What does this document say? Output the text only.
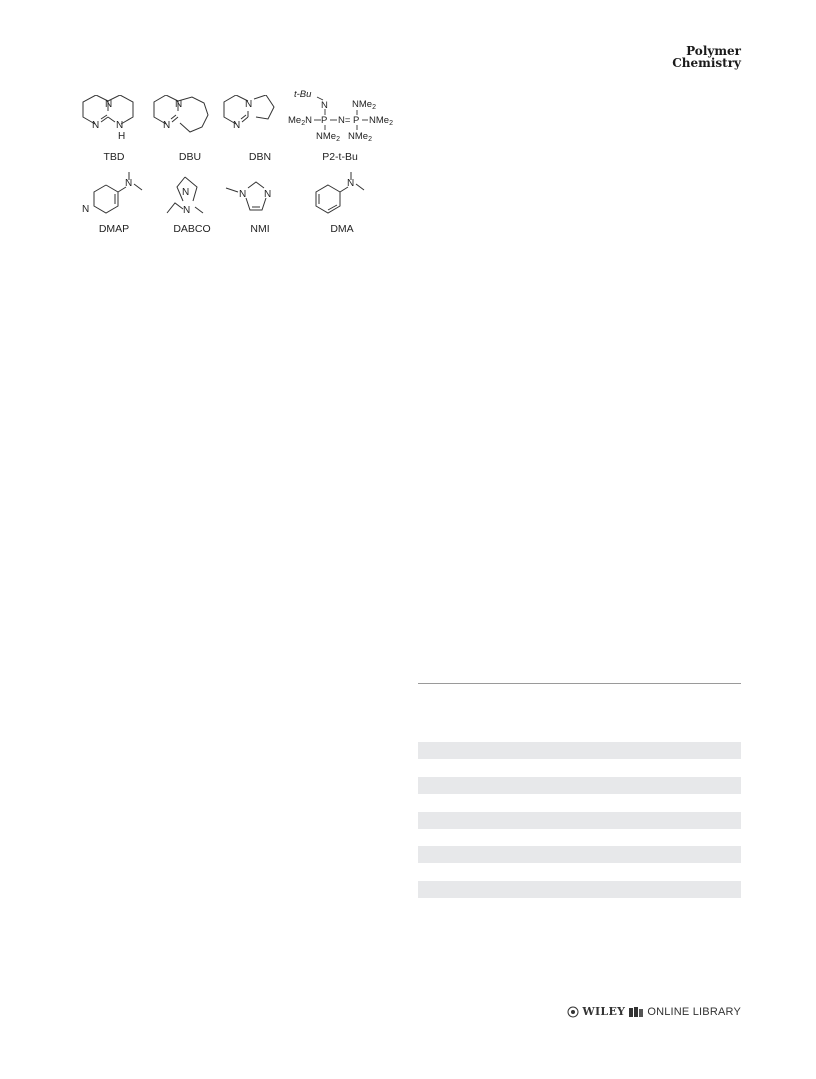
Polymer
Chemistry
N
N N
H
TBD
N
N
DBU
N
N
DBN
t-Bu
N
$Me_2N$ P N= P
NMe$_2$
NMe$_2$
NMe$_2$ NMe$_2$
P2-t-Bu
N
N
DMAP
N
N
DABCO
N N
NMI
N
DMA
WILEY ONLINE LIBRARY
